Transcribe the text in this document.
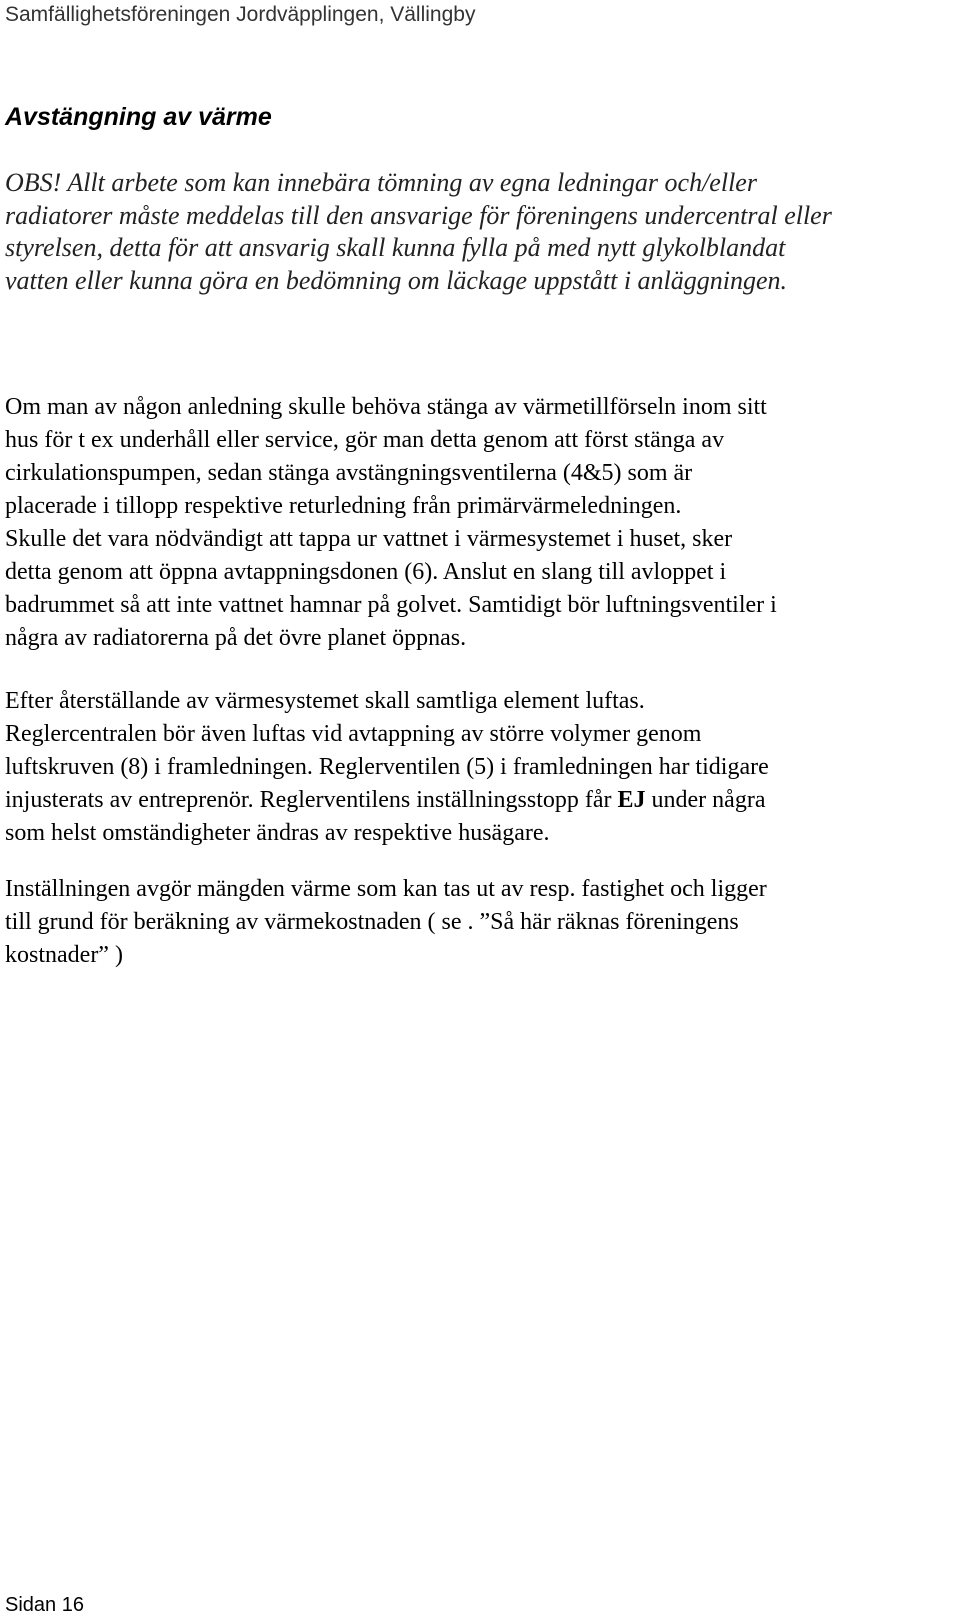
Samfällighetsföreningen Jordväpplingen, Vällingby
Avstängning av värme
OBS! Allt arbete som kan innebära tömning av egna ledningar och/eller
radiatorer måste meddelas till den ansvarige för föreningens undercentral eller
styrelsen, detta för att ansvarig skall kunna fylla på med nytt glykolblandat
vatten eller kunna göra en bedömning om läckage uppstått i anläggningen.
Om man av någon anledning skulle behöva stänga av värmetillförseln inom sitt
hus för t ex underhåll eller service, gör man detta genom att först stänga av
cirkulationspumpen, sedan stänga avstängningsventilerna (4&5) som är
placerade i tillopp respektive returledning från primärvärmeledningen.
Skulle det vara nödvändigt att tappa ur vattnet i värmesystemet i huset, sker
detta genom att öppna avtappningsdonen (6). Anslut en slang till avloppet i
badrummet så att inte vattnet hamnar på golvet. Samtidigt bör luftningsventiler i
några av radiatorerna på det övre planet öppnas.
Efter återställande av värmesystemet skall samtliga element luftas.
Reglercentralen bör även luftas vid avtappning av större volymer genom
luftskruven (8) i framledningen. Reglerventilen (5) i framledningen har tidigare
injusterats av entreprenör. Reglerventilens inställningsstopp får EJ under några
som helst omständigheter ändras av respektive husägare.
Inställningen avgör mängden värme som kan tas ut av resp. fastighet och ligger
till grund för beräkning av värmekostnaden ( se . ”Så här räknas föreningens
kostnader” )
Sidan 16
